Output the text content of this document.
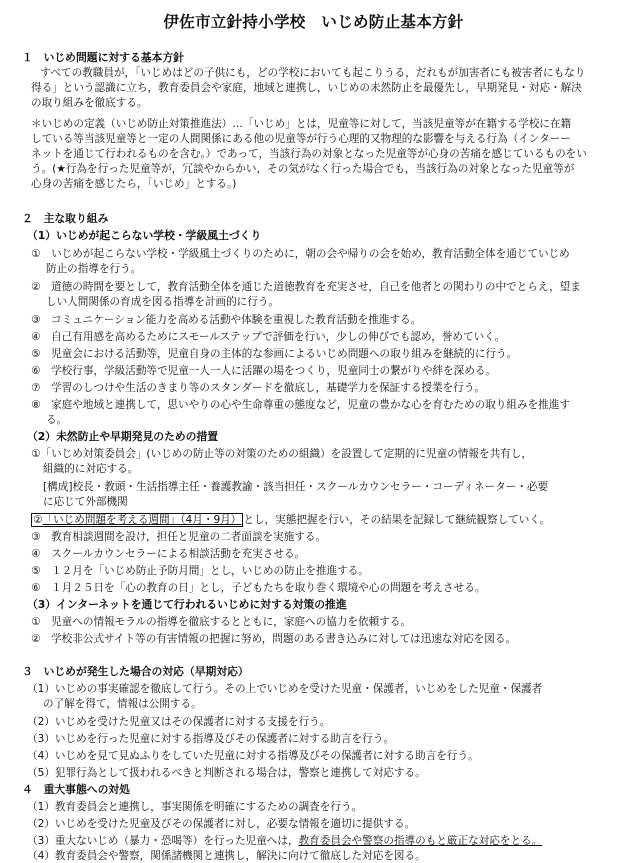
伊佐市立針持小学校　いじめ防止基本方針
１　いじめ問題に対する基本方針
すべての教職員が，「いじめはどの子供にも，どの学校においても起こりうる，だれもが加害者にも被害者にもなり
得る」という認識に立ち，教育委員会や家庭，地域と連携し，いじめの未然防止を最優先し，早期発見・対応・解決
の取り組みを徹底する。
＊いじめの定義（いじめ防止対策推進法）…「いじめ」とは，児童等に対して，当該児童等が在籍する学校に在籍
している等当該児童等と一定の人間関係にある他の児童等が行う心理的又物理的な影響を与える行為（インターー
ネットを通じて行われるものを含む。）であって，当該行為の対象となった児童等が心身の苦痛を感じているものをい
う。(★行為を行った児童等が，冗談やからかい，その気がなく行った場合でも，当該行為の対象となった児童等が
心身の苦痛を感じたら，「いじめ」とする。)
２　主な取り組み
（1）いじめが起こらない学校・学級風土づくり
①　いじめが起こらない学校・学級風土づくりのために，朝の会や帰りの会を始め，教育活動全体を通じていじめ
防止の指導を行う。
②　道徳の時間を要として，教育活動全体を通じた道徳教育を充実させ，自己を他者との関わりの中でとらえ，望ま
しい人間関係の育成を図る指導を計画的に行う。
③　コミュニケーション能力を高める活動や体験を重視した教育活動を推進する。
④　自己有用感を高めるためにスモールステップで評価を行い，少しの伸びでも認め，誉めていく。
⑤　児童会における活動等，児童自身の主体的な参画によるいじめ問題への取り組みを継続的に行う。
⑥　学校行事，学級活動等で児童一人一人に活躍の場をつくり，児童同士の繋がりや絆を深める。
⑦　学習のしつけや生活のきまり等のスタンダードを徹底し，基礎学力を保証する授業を行う。
⑧　家庭や地域と連携して，思いやりの心や生命尊重の態度など，児童の豊かな心を育むための取り組みを推進す
る。
（2）未然防止や早期発見のための措置
①「いじめ対策委員会」(いじめの防止等の対策のための組織）を設置して定期的に児童の情報を共有し，
組織的に対応する。
[構成]校長・教頭・生活指導主任・養護教諭・該当担任・スクールカウンセラー・コーディネーター・必要
に応じて外部機関
②「いじめ問題を考える週間」（4月・9月） とし，実態把握を行い，その結果を記録して継続観察していく。
③　教育相談週間を設け，担任と児童の二者面談を実施する。
④　スクールカウンセラーによる相談活動を充実させる。
⑤　１２月を「いじめ防止予防月間」とし，いじめの防止を推進する。
⑥　１月２５日を「心の教育の日」とし，子どもたちを取り巻く環境や心の問題を考えさせる。
（3）インターネットを通じて行われるいじめに対する対策の推進
①　児童への情報モラルの指導を徹底するとともに，家庭への協力を依頼する。
②　学校非公式サイト等の有害情報の把握に努め，問題のある書き込みに対しては迅速な対応を図る。
３　いじめが発生した場合の対応（早期対応）
（1）いじめの事実確認を徹底して行う。その上でいじめを受けた児童・保護者，いじめをした児童・保護者
の了解を得て，情報は公開する。
（2）いじめを受けた児童又はその保護者に対する支援を行う。
（3）いじめを行った児童に対する指導及びその保護者に対する助言を行う。
（4）いじめを見て見ぬふりをしていた児童に対する指導及びその保護者に対する助言を行う。
（5）犯罪行為として扱われるべきと判断される場合は，警察と連携して対応する。
４　重大事態への対処
（1）教育委員会と連携し，事実関係を明確にするための調査を行う。
（2）いじめを受けた児童及びその保護者に対し，必要な情報を適切に提供する。
（3）重大ないじめ（暴力・恐喝等）を行った児童へは，教育委員会や警察の指導のもと厳正な対応をとる。
（4）教育委員会や警察，関係諸機関と連携し，解決に向けて徹底した対応を図る。
